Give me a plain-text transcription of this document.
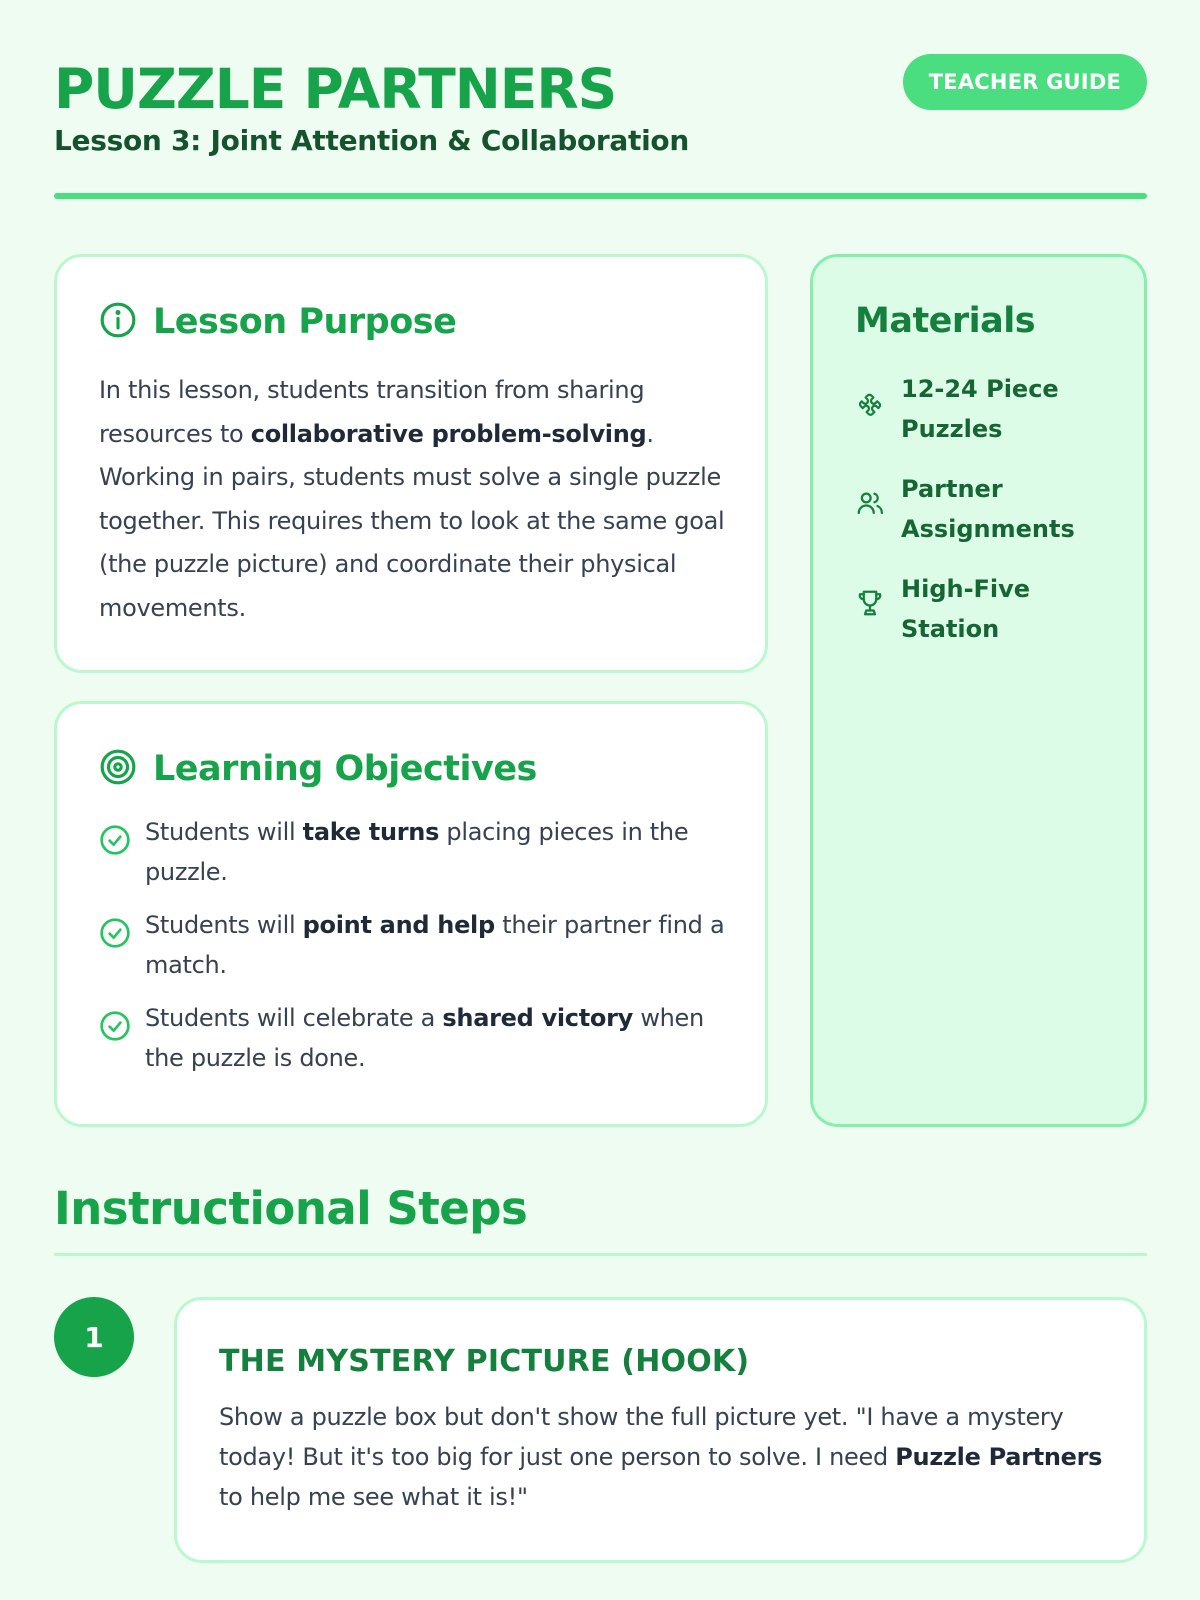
PUZZLE PARTNERS
Lesson 3: Joint Attention & Collaboration
TEACHER GUIDE
Lesson Purpose

In this lesson, students transition from sharing resources to collaborative problem-solving. Working in pairs, students must solve a single puzzle together. This requires them to look at the same goal (the puzzle picture) and coordinate their physical movements.

Learning Objectives
Students will take turns placing pieces in the puzzle.
Students will point and help their partner find a match.
Students will celebrate a shared victory when the puzzle is done.
Materials
12-24 Piece Puzzles
Partner Assignments
High-Five Station
Instructional Steps
1
THE MYSTERY PICTURE (HOOK)

Show a puzzle box but don't show the full picture yet. "I have a mystery today! But it's too big for just one person to solve. I need Puzzle Partners to help me see what it is!"
